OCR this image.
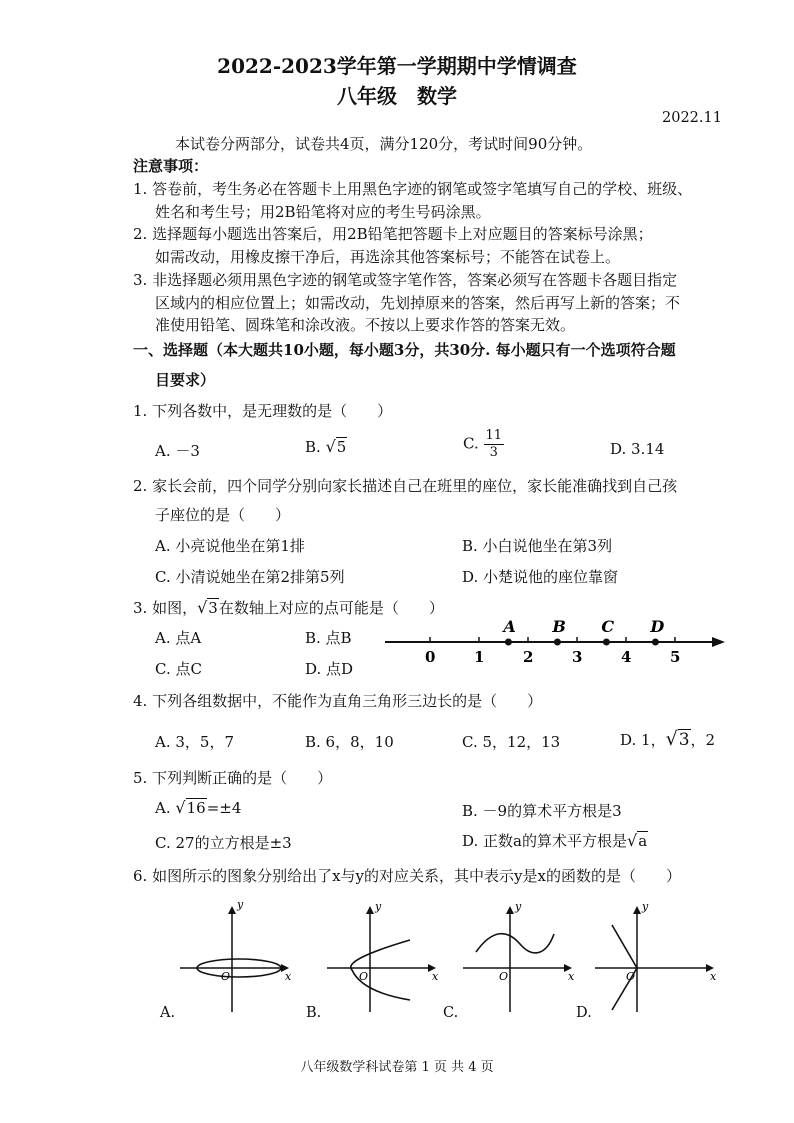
2022-2023学年第一学期期中学情调查
八年级　数学
2022.11
本试卷分两部分，试卷共4页，满分120分，考试时间90分钟。
注意事项：
1. 答卷前，考生务必在答题卡上用黑色字迹的钢笔或签字笔填写自己的学校、班级、
姓名和考生号；用2B铅笔将对应的考生号码涂黑。
2. 选择题每小题选出答案后，用2B铅笔把答题卡上对应题目的答案标号涂黑；
如需改动，用橡皮擦干净后，再选涂其他答案标号；不能答在试卷上。
3. 非选择题必须用黑色字迹的钢笔或签字笔作答，答案必须写在答题卡各题目指定
区域内的相应位置上；如需改动，先划掉原来的答案，然后再写上新的答案；不
准使用铅笔、圆珠笔和涂改液。不按以上要求作答的答案无效。
一、选择题（本大题共10小题，每小题3分，共30分. 每小题只有一个选项符合题
目要求）
1. 下列各数中，是无理数的是（　　）
A. －3	B. √5	C. $\frac{11}{3}$	D. 3.14
2. 家长会前，四个同学分别向家长描述自己在班里的座位，家长能准确找到自己孩
子座位的是（　　）
A. 小亮说他坐在第1排	B. 小白说他坐在第3列
C. 小清说她坐在第2排第5列	D. 小楚说他的座位靠窗
3. 如图，√3在数轴上对应的点可能是（　　）
A. 点A	B. 点B
C. 点C	D. 点D
0	1	2	3	4	5
A B C D
4. 下列各组数据中，不能作为直角三角形三边长的是（　　）
A. 3，5，7	B. 6，8，10	C. 5，12，13	D. 1，√3，2
5. 下列判断正确的是（　　）
A. √16=±4	B. －9的算术平方根是3
C. 27的立方根是±3	D. 正数a的算术平方根是√a
6. 如图所示的图象分别给出了x与y的对应关系，其中表示y是x的函数的是（　　）
y
x
O
A.
y
x
O
B.
y
x
O
C.
y
x
O
D.
八年级数学科试卷第 1 页 共 4 页
